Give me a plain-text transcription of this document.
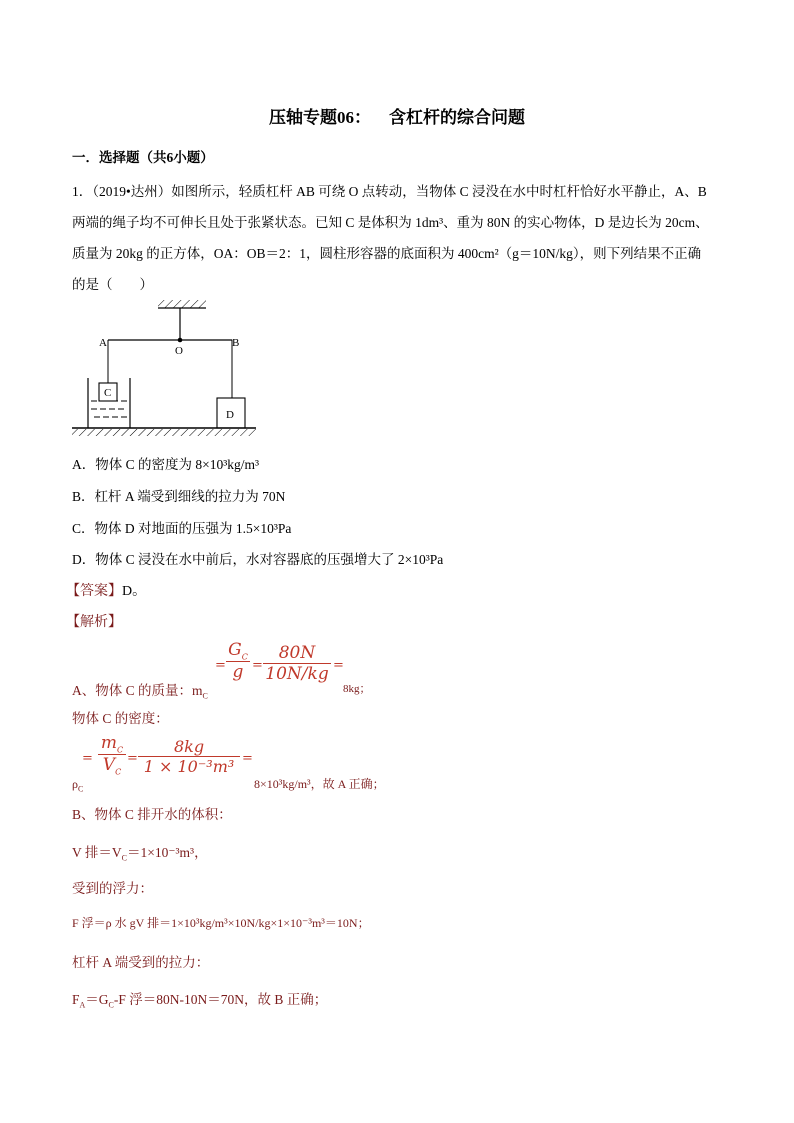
压轴专题06： 含杠杆的综合问题
一．选择题（共6小题）
1．（2019•达州）如图所示，轻质杠杆 AB 可绕 O 点转动，当物体 C 浸没在水中时杠杆恰好水平静止，A、B
两端的绳子均不可伸长且处于张紧状态。已知 C 是体积为 1dm³、重为 80N 的实心物体，D 是边长为 20cm、
质量为 20kg 的正方体，OA：OB＝2：1，圆柱形容器的底面积为 400cm²（g＝10N/kg），则下列结果不正确
的是（　　）
A	B
O
C
D
A．物体 C 的密度为 8×10³kg/m³
B．杠杆 A 端受到细线的拉力为 70N
C．物体 D 对地面的压强为 1.5×10³Pa
D．物体 C 浸没在水中前后，水对容器底的压强增大了 2×10³Pa
【答案】D。
【解析】
A、物体 C 的质量：$m_C$
=
$G_C$
g =
80N
10N/kg =
8kg；
物体 C 的密度：
=
$\rho_C$
$m_C$
$V_C$
=
8kg
1 × 10⁻³m³ =
8×10³kg/m³，故 A 正确；
B、物体 C 排开水的体积：
V 排$=V_C=1\times 10^{-3}m^3$，
受到的浮力：
F 浮＝ρ 水 gV 排＝1×10³kg/m³×10N/kg×1×10⁻³m³＝10N；
杠杆 A 端受到的拉力：
$F_A=G_C-F$ 浮＝80N-10N＝70N，故 B 正确；
